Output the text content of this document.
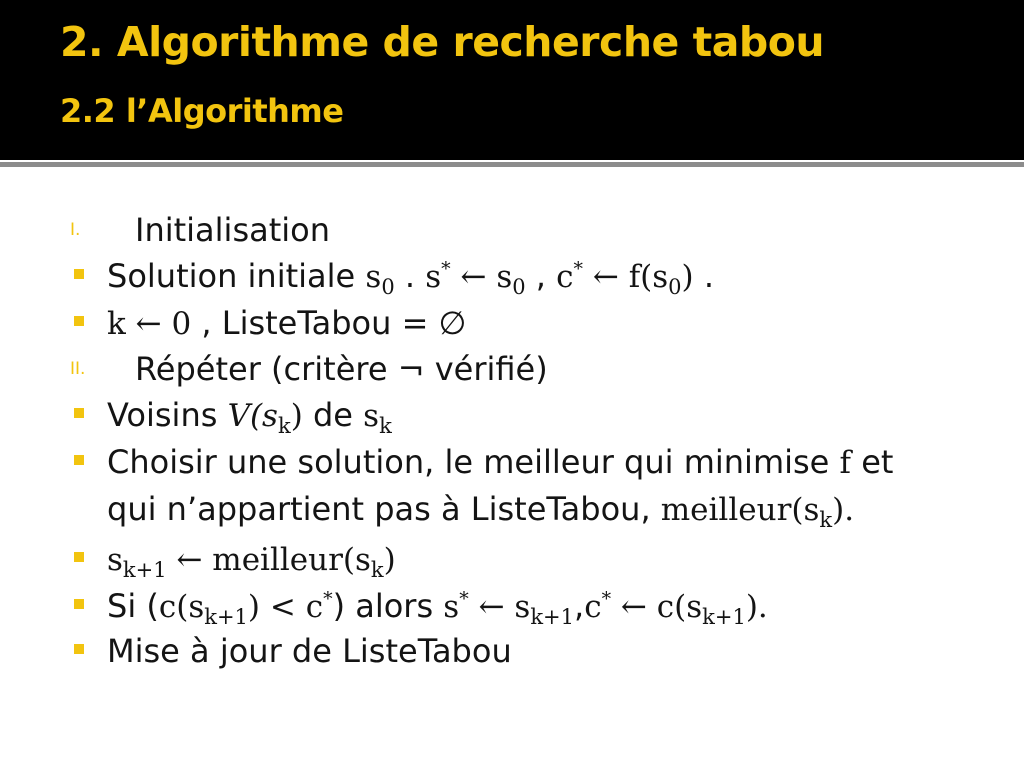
2. Algorithme de recherche tabou
2.2 l’Algorithme
I. Initialisation
Solution initiale $s_0$ . s* ← $s_0$ , c* ← $f(s_0)$ .
k ← 0 , ListeTabou = ∅
II. Répéter (critère ¬ vérifié)
Voisins $V(s_k)$ de $s_k$
Choisir une solution, le meilleur qui minimise f et
qui n’appartient pas à ListeTabou, $meilleur(s_k)$.
$s_{k+1}$ ← $meilleur(s_k)$
Si $(c(s_{k+1}) < c^*)$ alors s* ← $s_{k+1},c^*$ ← $c(s_{k+1})$.
Mise à jour de ListeTabou
